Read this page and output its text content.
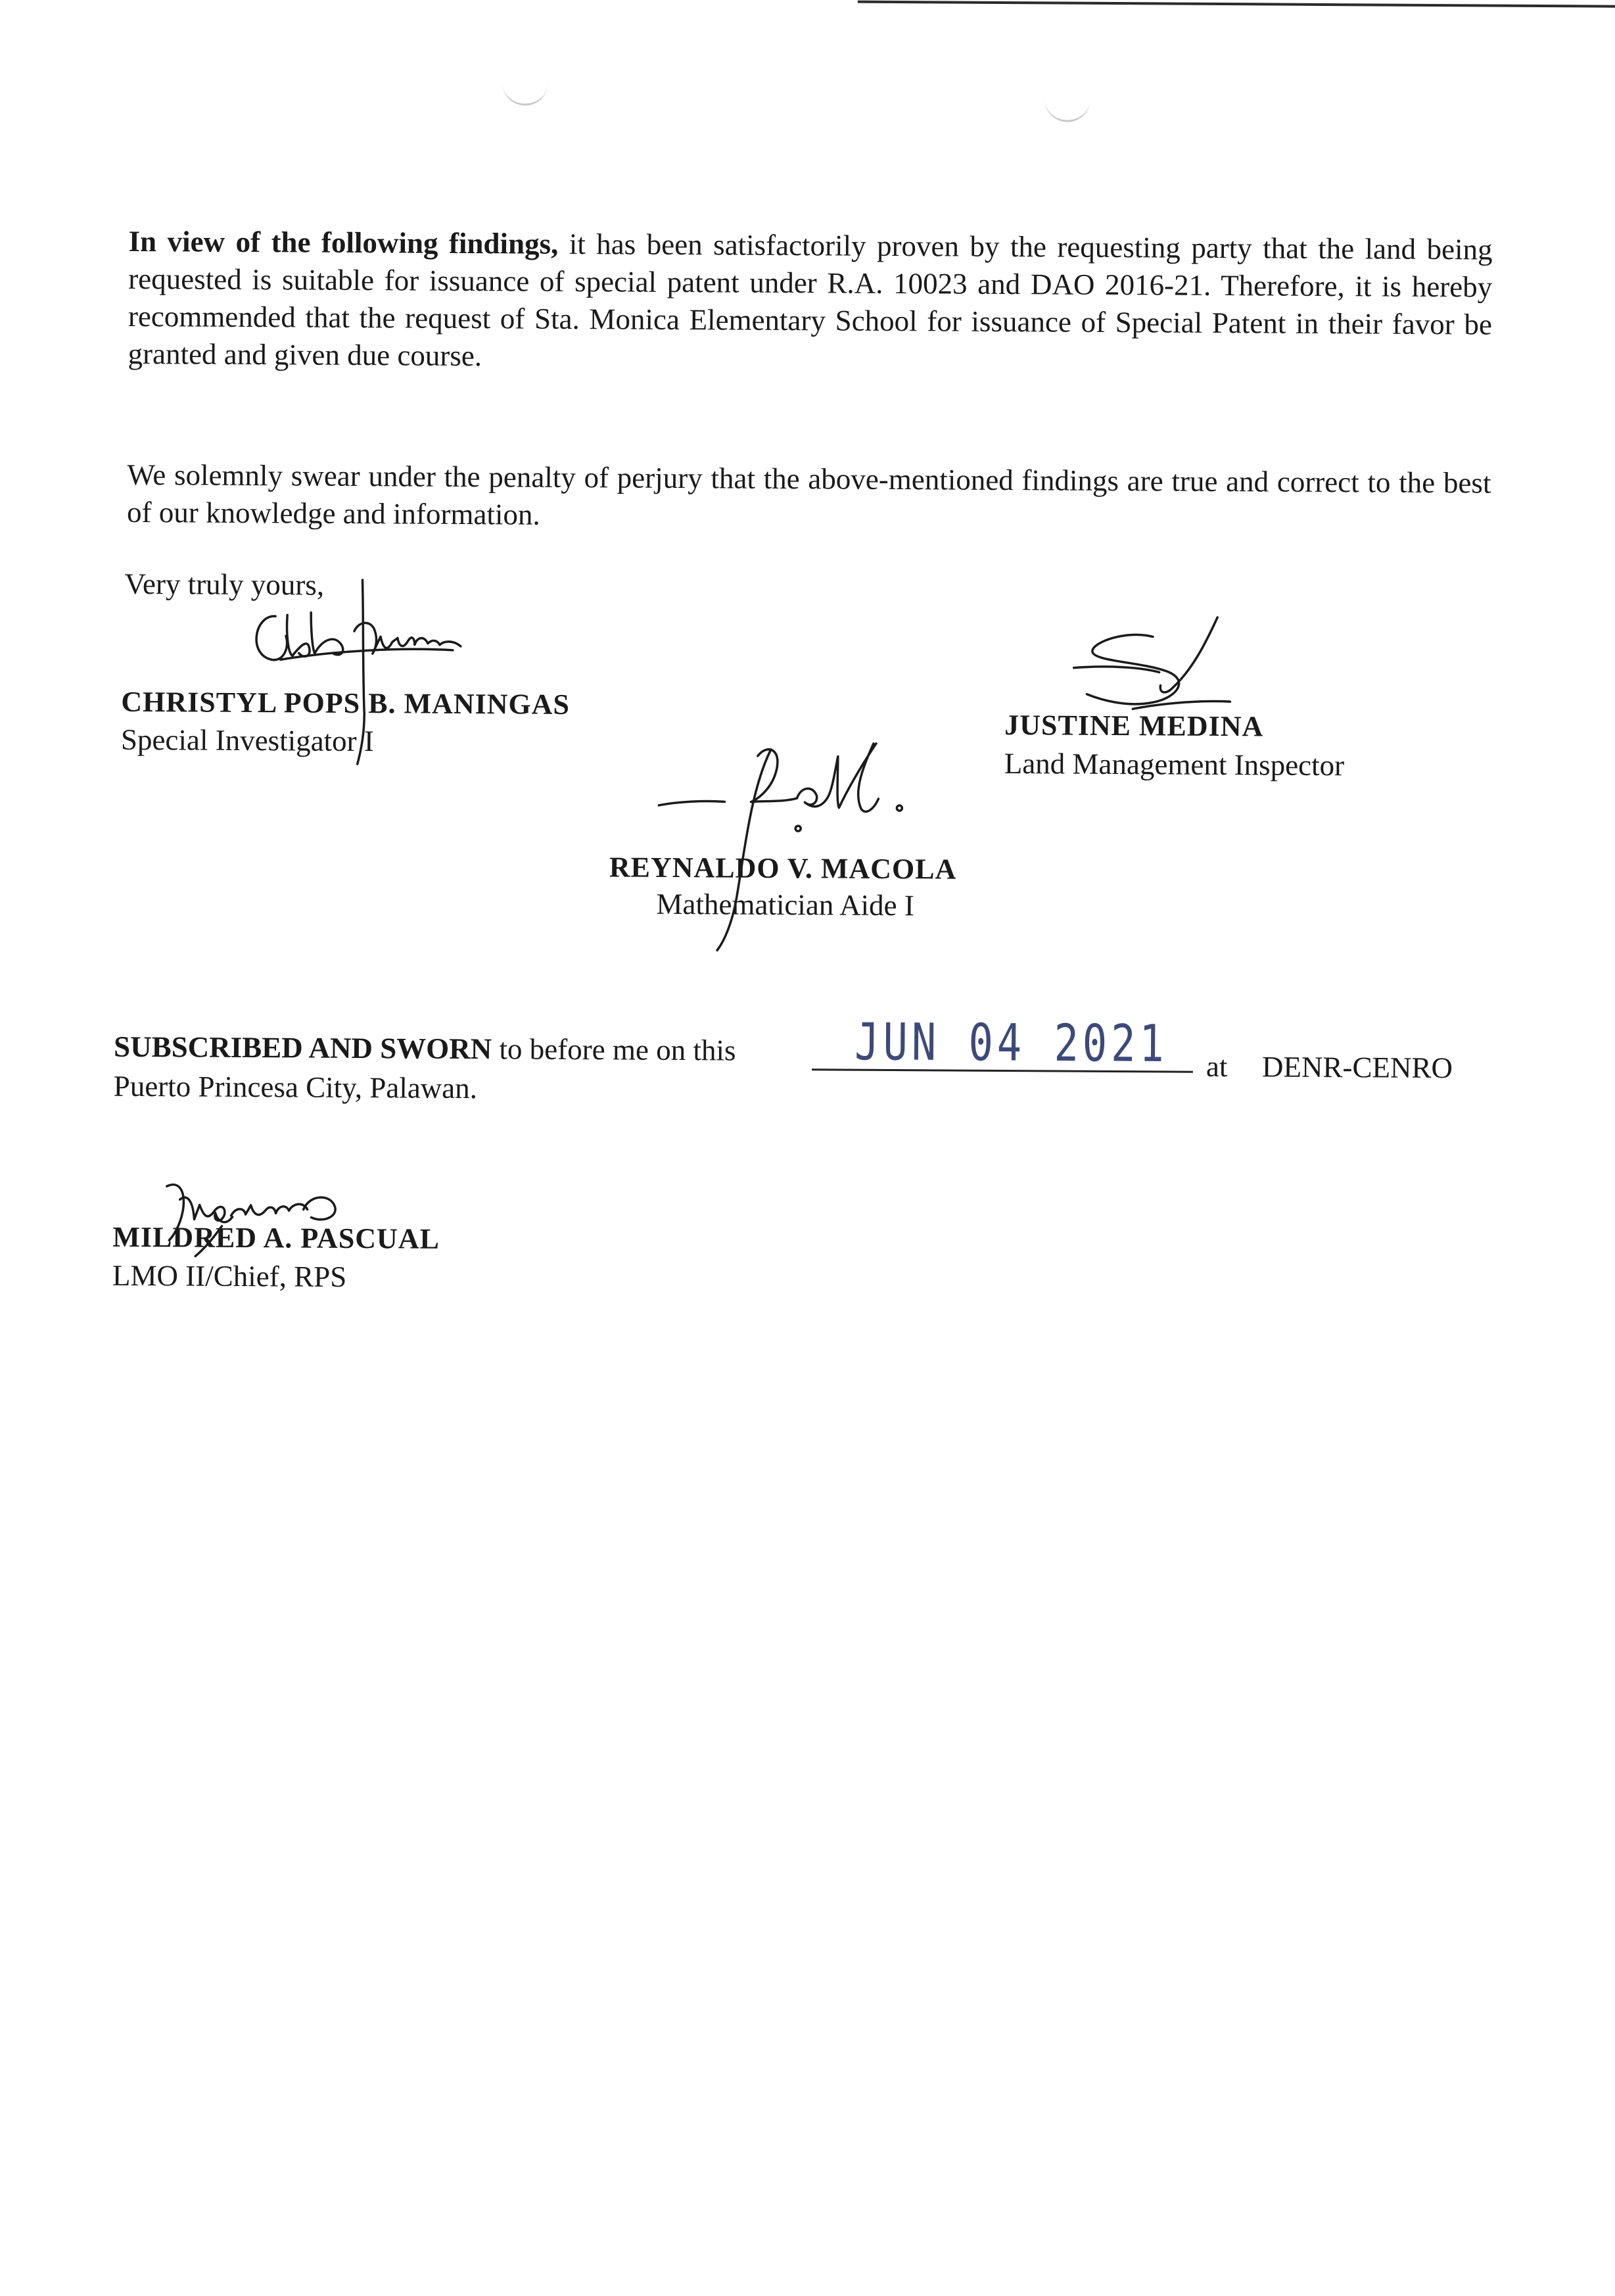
In view of the following findings, it has been satisfactorily proven by the requesting party that the land being requested is suitable for issuance of special patent under R.A. 10023 and DAO 2016-21. Therefore, it is hereby recommended that the request of Sta. Monica Elementary School for issuance of Special Patent in their favor be granted and given due course.

We solemnly swear under the penalty of perjury that the above-mentioned findings are true and correct to the best of our knowledge and information.

Very truly yours,

CHRISTYL POPS B. MANINGAS

Special Investigator I	JUSTINE MEDINA

Land Management Inspector

REYNALDO V. MACOLA

Mathematician Aide I

SUBSCRIBED AND SWORN to before me on this	JUN 04 2021 at DENR-CENRO

Puerto Princesa City, Palawan.

MILDRED A. PASCUAL

LMO II/Chief, RPS
